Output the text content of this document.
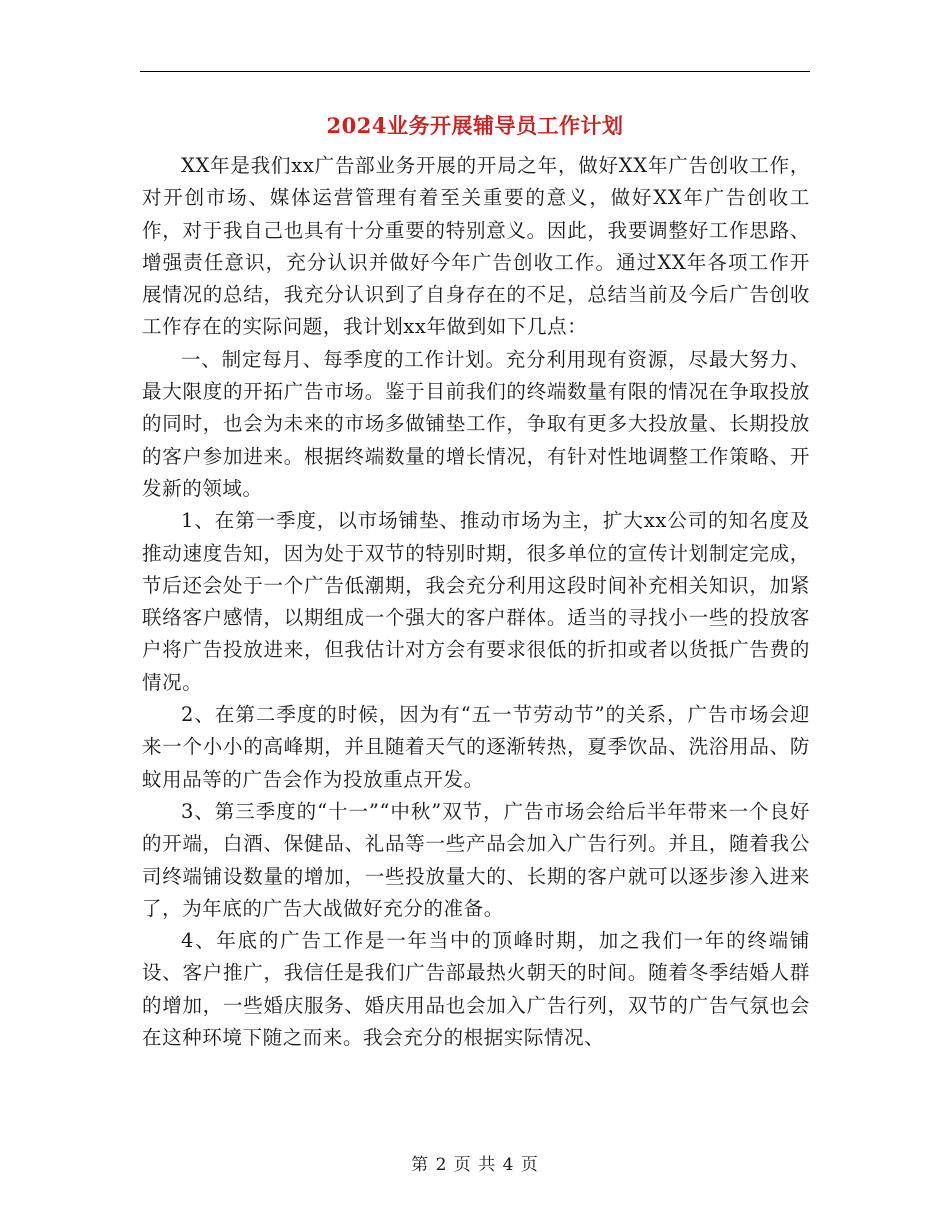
2024业务开展辅导员工作计划

XX年是我们xx广告部业务开展的开局之年，做好XX年广告创收工作，对开创市场、媒体运营管理有着至关重要的意义，做好XX年广告创收工作，对于我自己也具有十分重要的特别意义。因此，我要调整好工作思路、增强责任意识，充分认识并做好今年广告创收工作。通过XX年各项工作开展情况的总结，我充分认识到了自身存在的不足，总结当前及今后广告创收工作存在的实际问题，我计划xx年做到如下几点：

一、制定每月、每季度的工作计划。充分利用现有资源，尽最大努力、最大限度的开拓广告市场。鉴于目前我们的终端数量有限的情况在争取投放的同时，也会为未来的市场多做铺垫工作，争取有更多大投放量、长期投放的客户参加进来。根据终端数量的增长情况，有针对性地调整工作策略、开发新的领域。

1、在第一季度，以市场铺垫、推动市场为主，扩大xx公司的知名度及推动速度告知，因为处于双节的特别时期，很多单位的宣传计划制定完成，节后还会处于一个广告低潮期，我会充分利用这段时间补充相关知识，加紧联络客户感情，以期组成一个强大的客户群体。适当的寻找小一些的投放客户将广告投放进来，但我估计对方会有要求很低的折扣或者以货抵广告费的情况。

2、在第二季度的时候，因为有“五一节劳动节”的关系，广告市场会迎来一个小小的高峰期，并且随着天气的逐渐转热，夏季饮品、洗浴用品、防蚊用品等的广告会作为投放重点开发。

3、第三季度的“十一”“中秋”双节，广告市场会给后半年带来一个良好的开端，白酒、保健品、礼品等一些产品会加入广告行列。并且，随着我公司终端铺设数量的增加，一些投放量大的、长期的客户就可以逐步渗入进来了，为年底的广告大战做好充分的准备。

4、年底的广告工作是一年当中的顶峰时期，加之我们一年的终端铺设、客户推广，我信任是我们广告部最热火朝天的时间。随着冬季结婚人群的增加，一些婚庆服务、婚庆用品也会加入广告行列，双节的广告气氛也会在这种环境下随之而来。我会充分的根据实际情况、

第 2 页 共 4 页
